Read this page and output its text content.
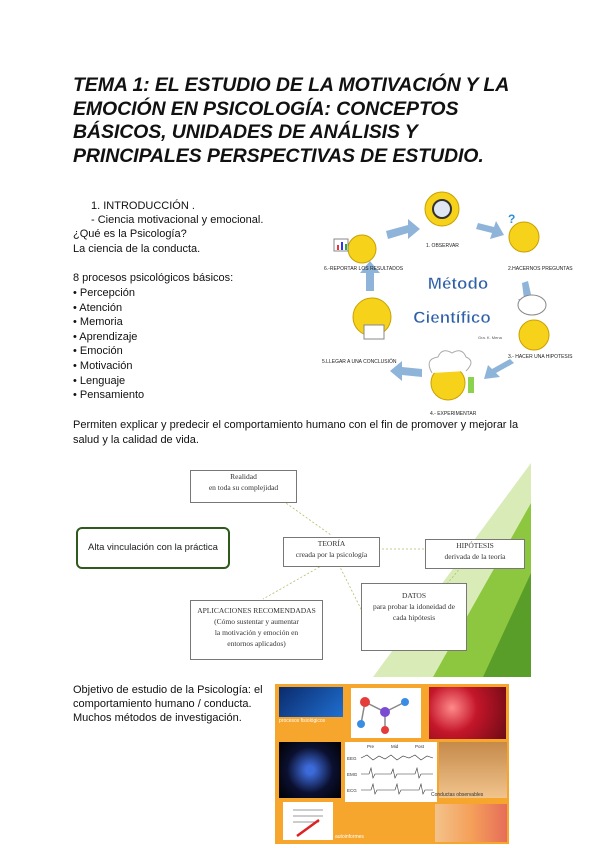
TEMA 1: EL ESTUDIO DE LA MOTIVACIÓN Y LA EMOCIÓN EN PSICOLOGÍA: CONCEPTOS BÁSICOS, UNIDADES DE ANÁLISIS Y PRINCIPALES PERSPECTIVAS DE ESTUDIO.
1. INTRODUCCIÓN .
- Ciencia motivacional y emocional.
¿Qué es la Psicología?
La ciencia de la conducta.
8 procesos psicológicos básicos:
• Percepción
• Atención
• Memoria
• Aprendizaje
• Emoción
• Motivación
• Lenguaje
• Pensamiento
?
Método
Científico
Gra. K. Mena
1. OBSERVAR
2.HACERNOS PREGUNTAS
3.- HACER UNA HIPOTESIS
4.- EXPERIMENTAR
5.LLEGAR A UNA CONCLUSIÓN
6.-REPORTAR LOS RESULTADOS
Permiten explicar y predecir el comportamiento humano con el fin de promover y mejorar la salud y la calidad de vida.
Realidad
en toda su complejidad
Alta vinculación con la práctica	TEORÍA
creada por la psicología
HIPÓTESIS
derivada de la teoría
APLICACIONES RECOMENDADAS
(Cómo sustentar y aumentar
la motivación y emoción en
entornos aplicados)
DATOS
para probar la idoneidad de
cada hipótesis
Objetivo de estudio de la Psicología: el
comportamiento humano / conducta.
Muchos métodos de investigación.	procesos fisiológicos
Pre	Mid	Post
EEG
EMG
ECG
Conductas observables
autoinformes
